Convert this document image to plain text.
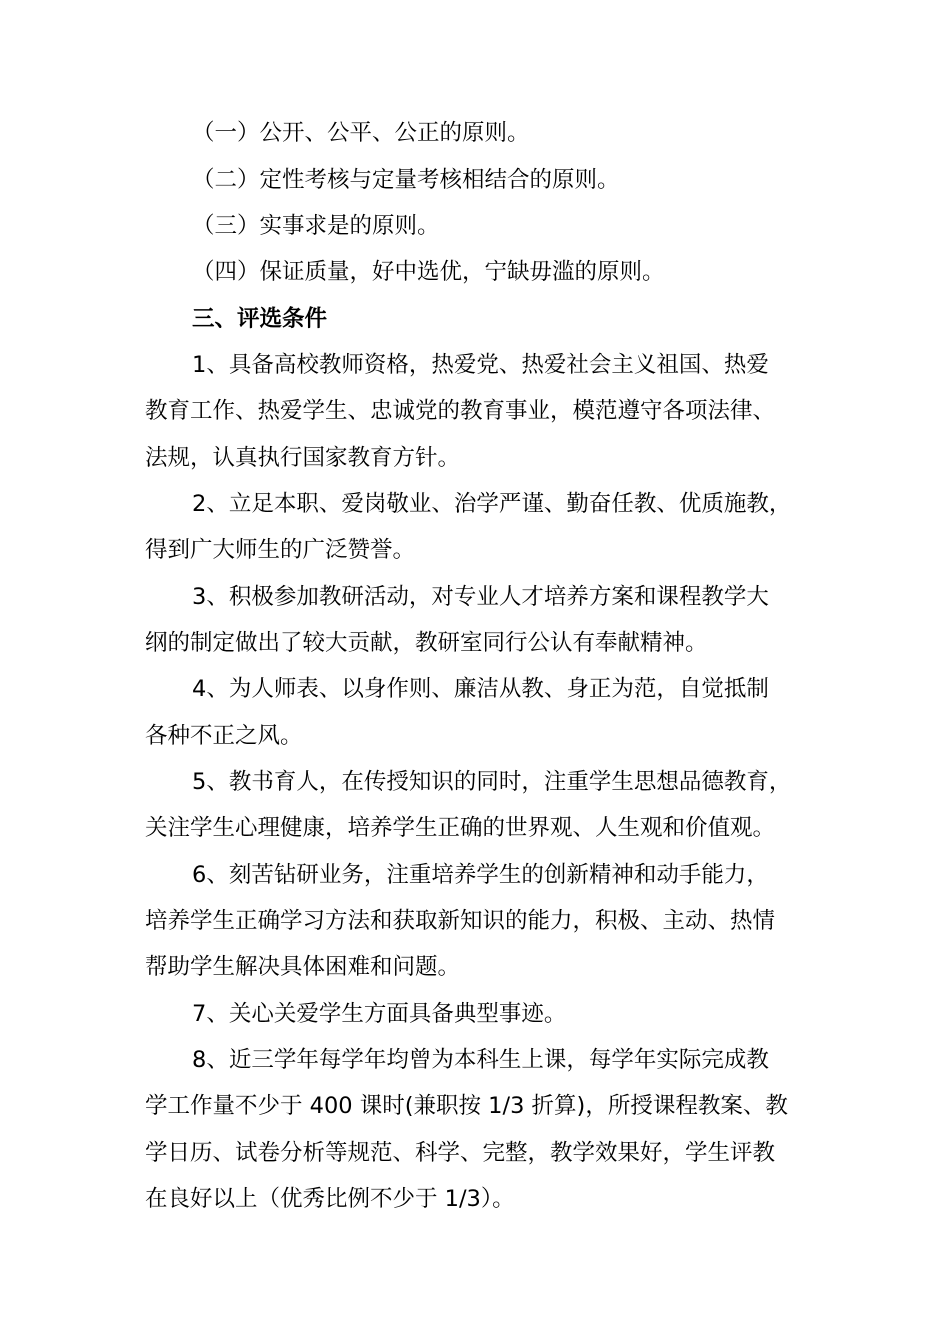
（一）公开、公平、公正的原则。
（二）定性考核与定量考核相结合的原则。
（三）实事求是的原则。
（四）保证质量，好中选优，宁缺毋滥的原则。
三、评选条件
1、具备高校教师资格，热爱党、热爱社会主义祖国、热爱
教育工作、热爱学生、忠诚党的教育事业，模范遵守各项法律、
法规，认真执行国家教育方针。
2、立足本职、爱岗敬业、治学严谨、勤奋任教、优质施教，
得到广大师生的广泛赞誉。
3、积极参加教研活动，对专业人才培养方案和课程教学大
纲的制定做出了较大贡献，教研室同行公认有奉献精神。
4、为人师表、以身作则、廉洁从教、身正为范，自觉抵制
各种不正之风。
5、教书育人，在传授知识的同时，注重学生思想品德教育，
关注学生心理健康，培养学生正确的世界观、人生观和价值观。
6、刻苦钻研业务，注重培养学生的创新精神和动手能力，
培养学生正确学习方法和获取新知识的能力，积极、主动、热情
帮助学生解决具体困难和问题。
7、关心关爱学生方面具备典型事迹。
8、近三学年每学年均曾为本科生上课，每学年实际完成教
学工作量不少于 400 课时(兼职按 1/3 折算)，所授课程教案、教
学日历、试卷分析等规范、科学、完整，教学效果好，学生评教
在良好以上（优秀比例不少于 1/3）。
